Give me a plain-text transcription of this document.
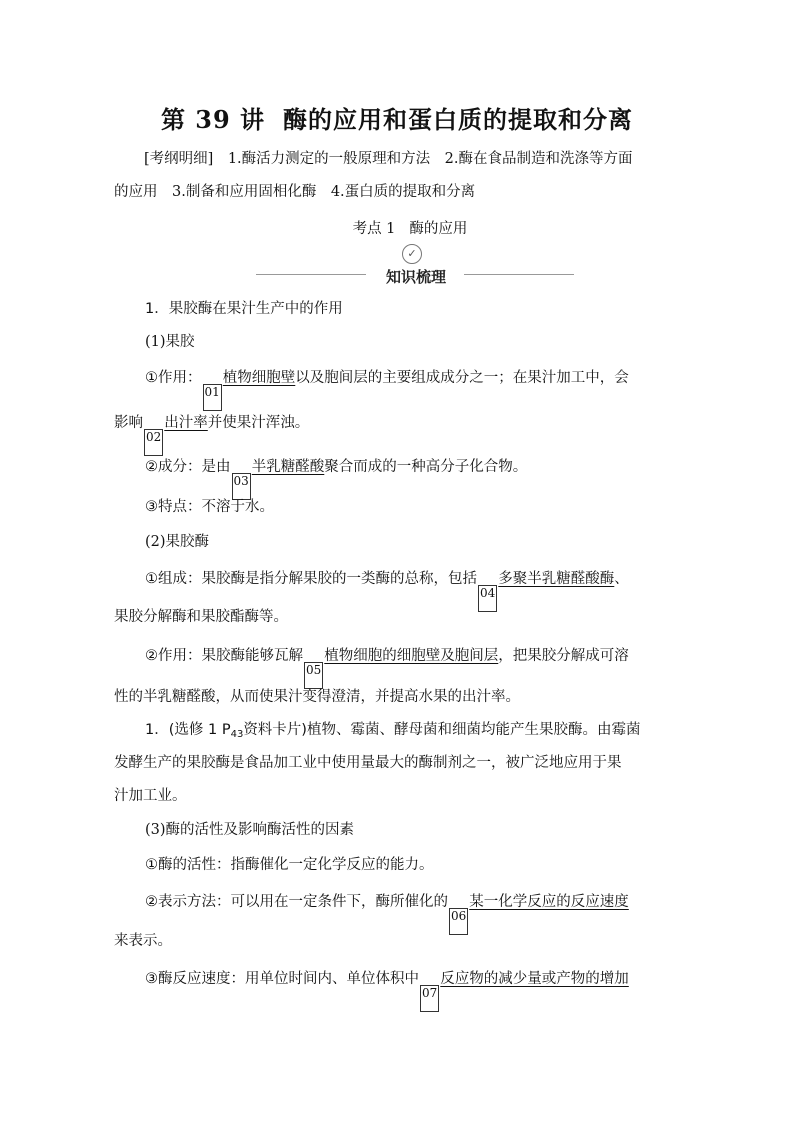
第 39 讲 酶的应用和蛋白质的提取和分离
[考纲明细]　1.酶活力测定的一般原理和方法　2.酶在食品制造和洗涤等方面
的应用　3.制备和应用固相化酶　4.蛋白质的提取和分离
考点 1 酶的应用
✓
知识梳理
1．果胶酶在果汁生产中的作用
(1)果胶
①作用：01植物细胞壁以及胞间层的主要组成成分之一；在果汁加工中，会
影响02出汁率并使果汁浑浊。
②成分：是由03半乳糖醛酸聚合而成的一种高分子化合物。
③特点：不溶于水。
(2)果胶酶
①组成：果胶酶是指分解果胶的一类酶的总称，包括04多聚半乳糖醛酸酶、
果胶分解酶和果胶酯酶等。
②作用：果胶酶能够瓦解05植物细胞的细胞壁及胞间层，把果胶分解成可溶
性的半乳糖醛酸，从而使果汁变得澄清，并提高水果的出汁率。
1．(选修 1 $P_{43}$资料卡片)植物、霉菌、酵母菌和细菌均能产生果胶酶。由霉菌
发酵生产的果胶酶是食品加工业中使用量最大的酶制剂之一，被广泛地应用于果
汁加工业。
(3)酶的活性及影响酶活性的因素
①酶的活性：指酶催化一定化学反应的能力。
②表示方法：可以用在一定条件下，酶所催化的06某一化学反应的反应速度
来表示。
③酶反应速度：用单位时间内、单位体积中07反应物的减少量或产物的增加
